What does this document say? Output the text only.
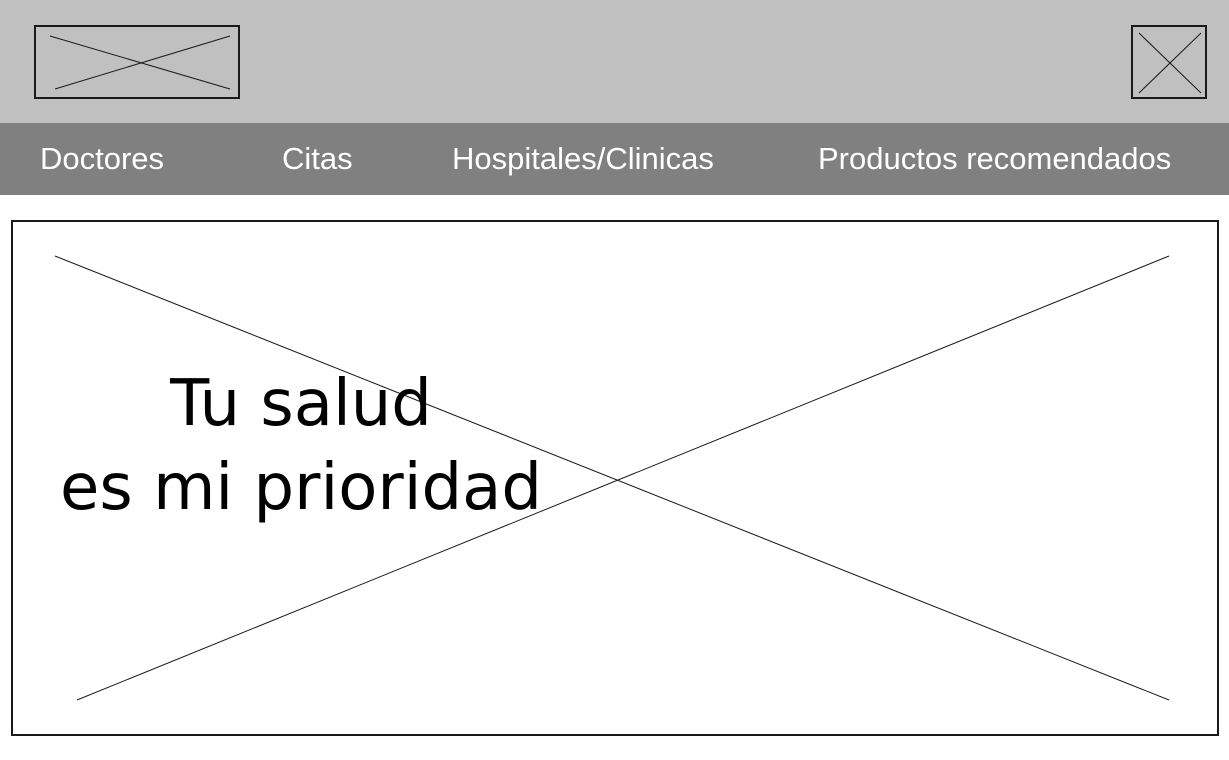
Doctores	Citas	Hospitales/Clinicas	Productos recomendados
Tu salud
es mi prioridad
